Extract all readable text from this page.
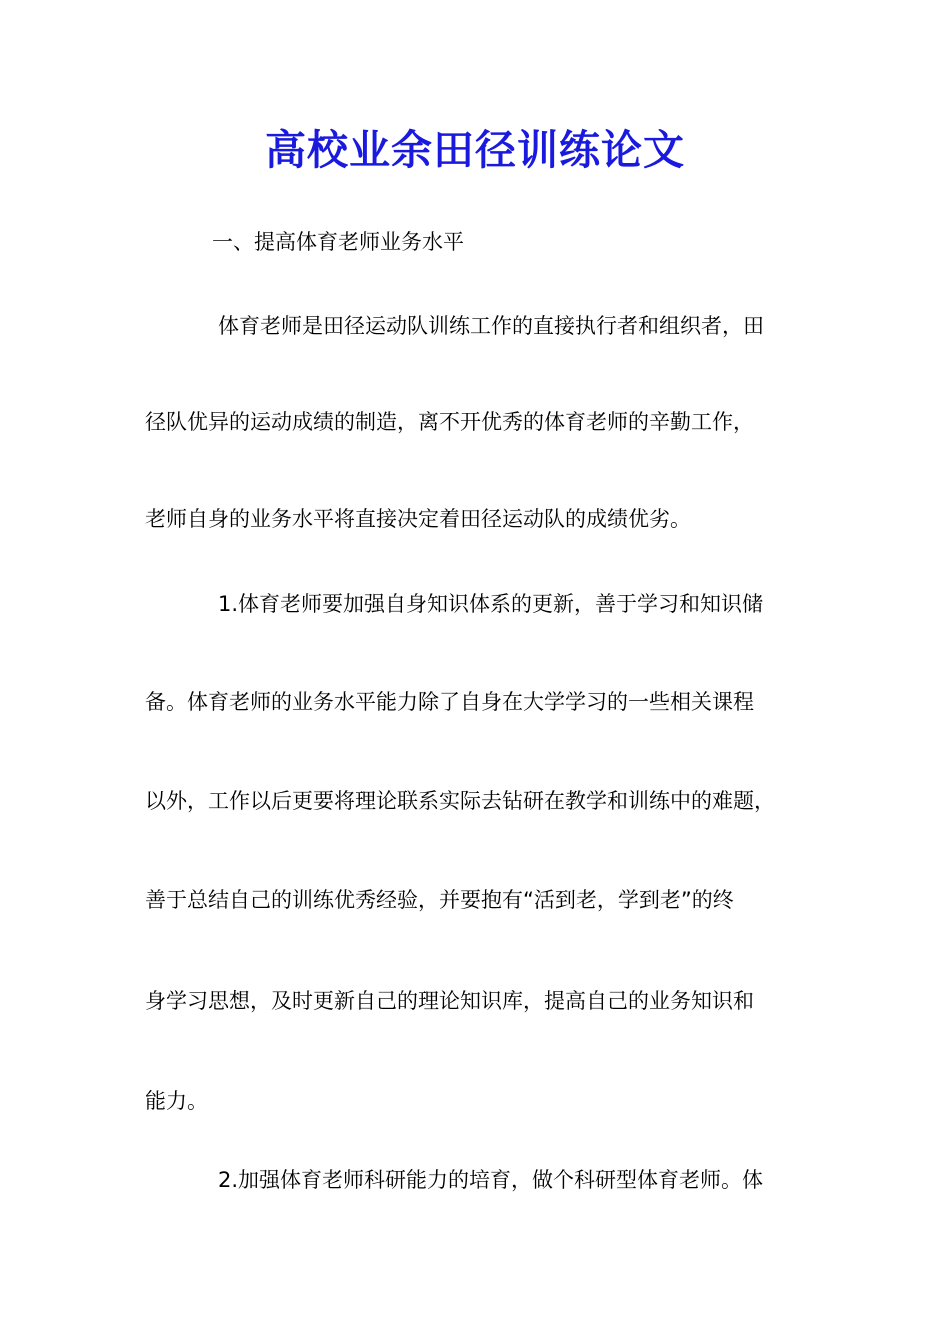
高校业余田径训练论文
一、提高体育老师业务水平
体育老师是田径运动队训练工作的直接执行者和组织者，田
径队优异的运动成绩的制造，离不开优秀的体育老师的辛勤工作，
老师自身的业务水平将直接决定着田径运动队的成绩优劣。
1.体育老师要加强自身知识体系的更新，善于学习和知识储
备。体育老师的业务水平能力除了自身在大学学习的一些相关课程
以外，工作以后更要将理论联系实际去钻研在教学和训练中的难题，
善于总结自己的训练优秀经验，并要抱有“活到老，学到老”的终
身学习思想，及时更新自己的理论知识库，提高自己的业务知识和
能力。
2.加强体育老师科研能力的培育，做个科研型体育老师。体
